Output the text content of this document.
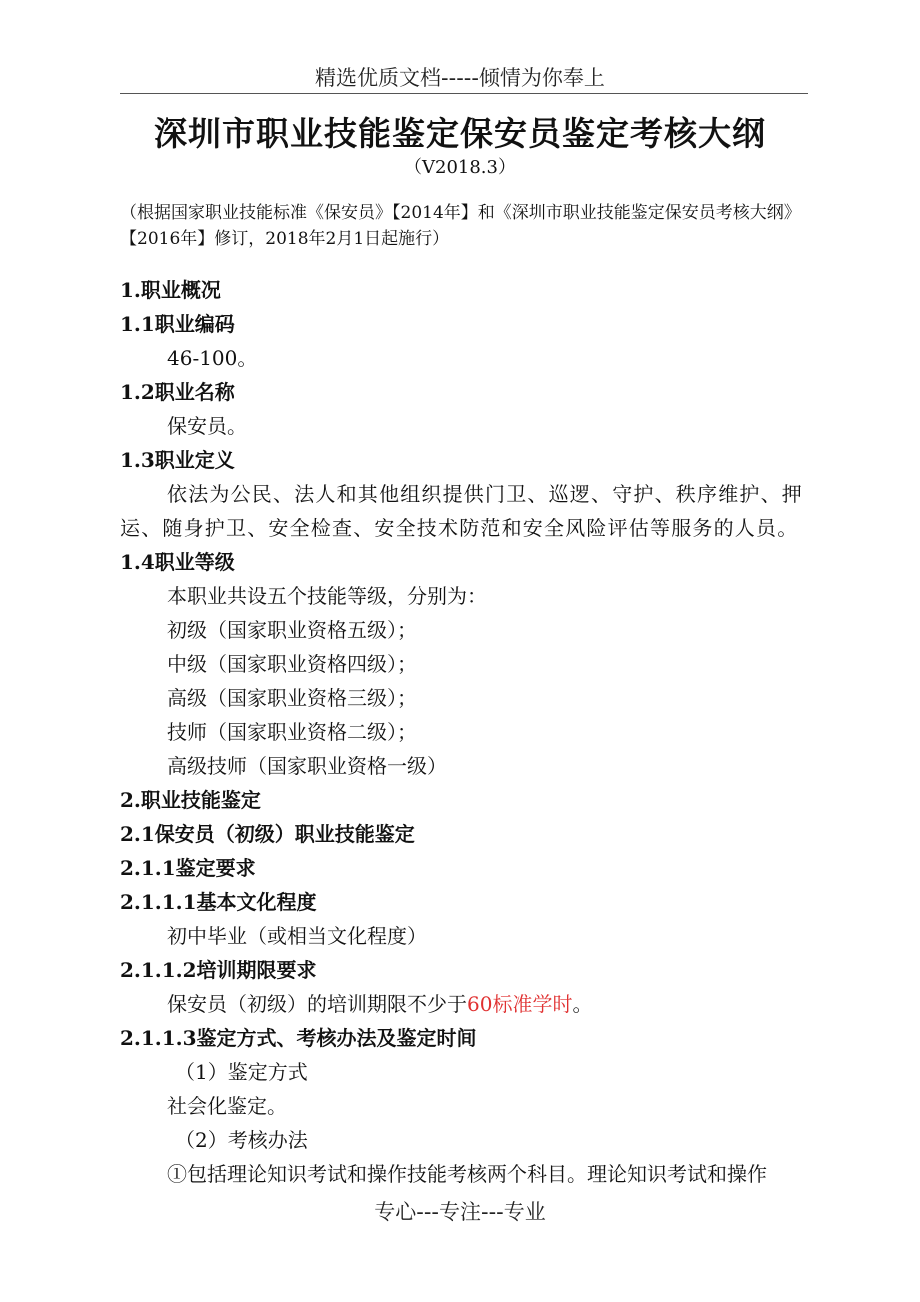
精选优质文档-----倾情为你奉上
深圳市职业技能鉴定保安员鉴定考核大纲
（V2018.3）
（根据国家职业技能标准《保安员》【2014年】和《深圳市职业技能鉴定保安员考核大纲》【2016年】修订，2018年2月1日起施行）
1.职业概况
1.1职业编码
46-100。
1.2职业名称
保安员。
1.3职业定义
依法为公民、法人和其他组织提供门卫、巡逻、守护、秩序维护、押运、随身护卫、安全检查、安全技术防范和安全风险评估等服务的人员。
1.4职业等级
本职业共设五个技能等级，分别为：
初级（国家职业资格五级）；
中级（国家职业资格四级）；
高级（国家职业资格三级）；
技师（国家职业资格二级）；
高级技师（国家职业资格一级）
2.职业技能鉴定
2.1保安员（初级）职业技能鉴定
2.1.1鉴定要求
2.1.1.1基本文化程度
初中毕业（或相当文化程度）
2.1.1.2培训期限要求
保安员（初级）的培训期限不少于60标准学时。
2.1.1.3鉴定方式、考核办法及鉴定时间
（1）鉴定方式
社会化鉴定。
（2）考核办法
①包括理论知识考试和操作技能考核两个科目。理论知识考试和操作
专心---专注---专业
